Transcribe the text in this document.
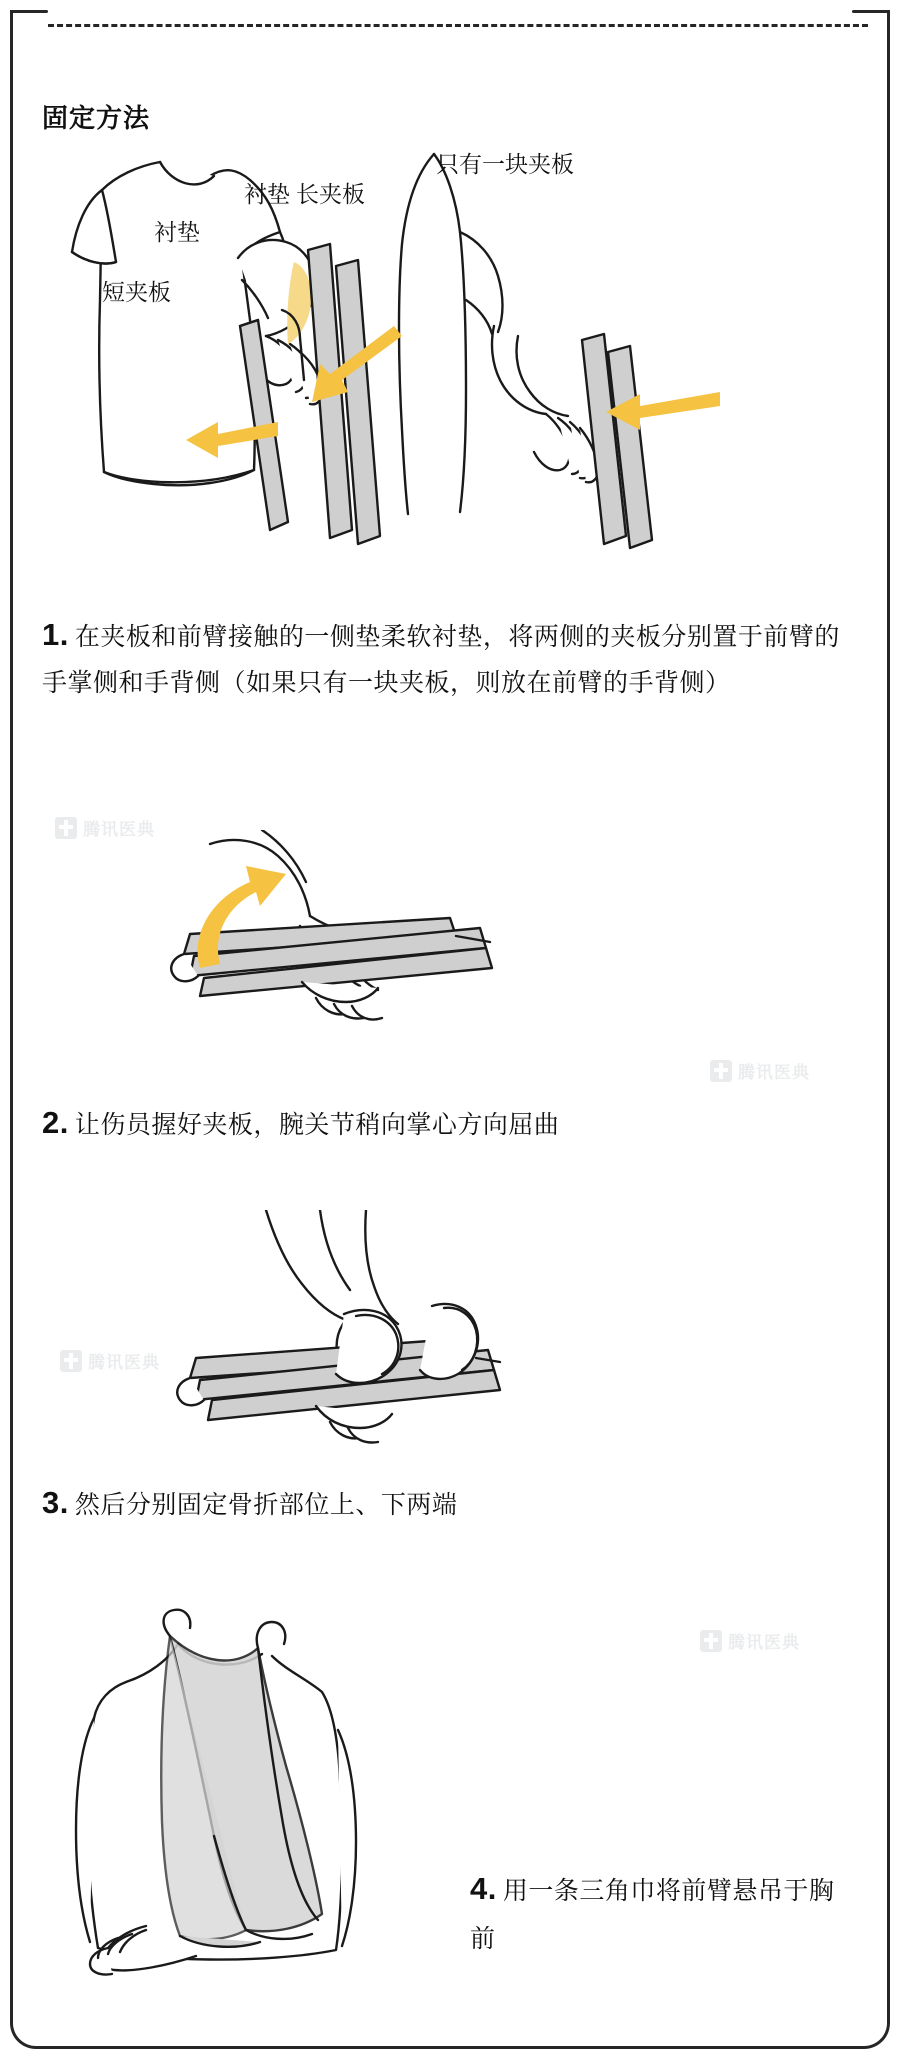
固定方法
衬垫 长夹板
衬垫
短夹板
只有一块夹板
1. 在夹板和前臂接触的一侧垫柔软衬垫，将两侧的夹板分别置于前臂的手掌侧和手背侧（如果只有一块夹板，则放在前臂的手背侧）
2. 让伤员握好夹板，腕关节稍向掌心方向屈曲
3. 然后分别固定骨折部位上、下两端
4. 用一条三角巾将前臂悬吊于胸前
腾讯医典
腾讯医典
腾讯医典
腾讯医典
